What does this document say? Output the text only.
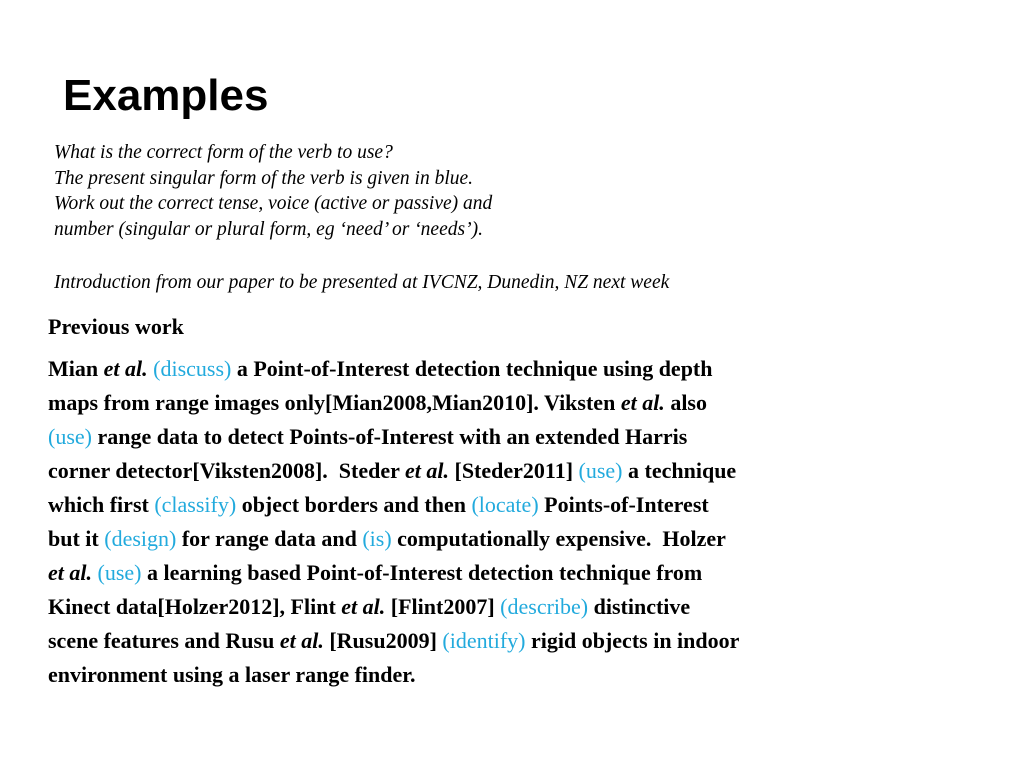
Examples
What is the correct form of the verb to use?
The present singular form of the verb is given in blue.
Work out the correct tense, voice (active or passive) and
number (singular or plural form, eg ‘need’ or ‘needs’).
Introduction from our paper to be presented at IVCNZ, Dunedin, NZ next week
Previous work
Mian et al. (discuss) a Point-of-Interest detection technique using depth
maps from range images only[Mian2008,Mian2010]. Viksten et al. also
(use) range data to detect Points-of-Interest with an extended Harris
corner detector[Viksten2008].  Steder et al. [Steder2011] (use) a technique
which first (classify) object borders and then (locate) Points-of-Interest
but it (design) for range data and (is) computationally expensive.  Holzer
et al. (use) a learning based Point-of-Interest detection technique from
Kinect data[Holzer2012], Flint et al. [Flint2007] (describe) distinctive
scene features and Rusu et al. [Rusu2009] (identify) rigid objects in indoor
environment using a laser range finder.
